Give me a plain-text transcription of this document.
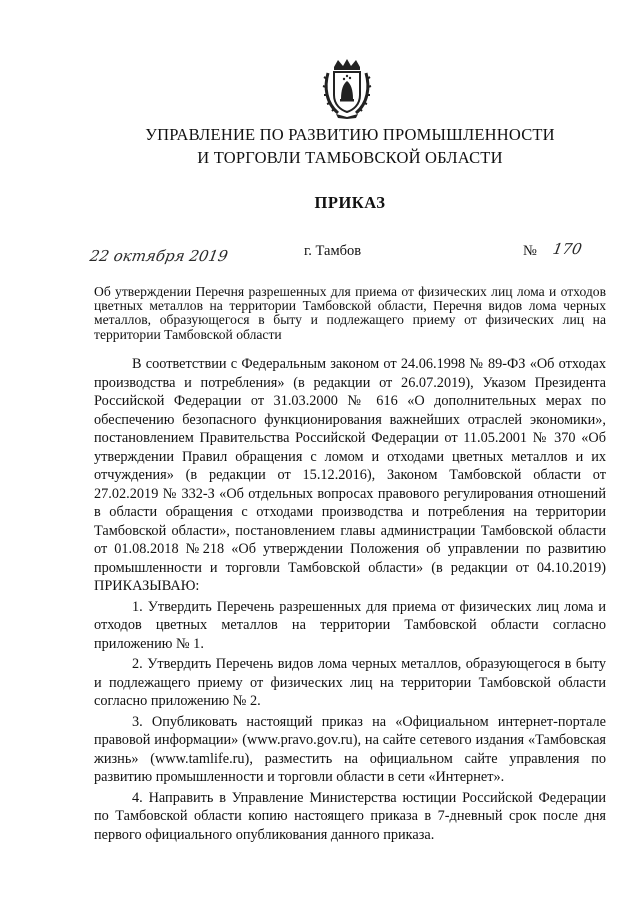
УПРАВЛЕНИЕ ПО РАЗВИТИЮ ПРОМЫШЛЕННОСТИ
И ТОРГОВЛИ ТАМБОВСКОЙ ОБЛАСТИ
ПРИКАЗ
22 октября 2019	г. Тамбов	№ 170
Об утверждении Перечня разрешенных для приема от физических лиц лома и отходов цветных металлов на территории Тамбовской области, Перечня видов лома черных металлов, образующегося в быту и подлежащего приему от физических лиц на территории Тамбовской области

В соответствии с Федеральным законом от 24.06.1998 № 89-ФЗ «Об отходах производства и потребления» (в редакции от 26.07.2019), Указом Президента Российской Федерации от 31.03.2000 № 616 «О дополнительных мерах по обеспечению безопасного функционирования важнейших отраслей экономики», постановлением Правительства Российской Федерации от 11.05.2001 № 370 «Об утверждении Правил обращения с ломом и отходами цветных металлов и их отчуждения» (в редакции от 15.12.2016), Законом Тамбовской области от 27.02.2019 № 332-З «Об отдельных вопросах правового регулирования отношений в области обращения с отходами производства и потребления на территории Тамбовской области», постановлением главы администрации Тамбовской области от 01.08.2018 №218 «Об утверждении Положения об управлении по развитию промышленности и торговли Тамбовской области» (в редакции от 04.10.2019) ПРИКАЗЫВАЮ:

1. Утвердить Перечень разрешенных для приема от физических лиц лома и отходов цветных металлов на территории Тамбовской области согласно приложению № 1.

2. Утвердить Перечень видов лома черных металлов, образующегося в быту и подлежащего приему от физических лиц на территории Тамбовской области согласно приложению № 2.

3. Опубликовать настоящий приказ на «Официальном интернет-портале правовой информации» (www.pravo.gov.ru), на сайте сетевого издания «Тамбовская жизнь» (www.tamlife.ru), разместить на официальном сайте управления по развитию промышленности и торговли области в сети «Интернет».

4. Направить в Управление Министерства юстиции Российской Федерации по Тамбовской области копию настоящего приказа в 7-дневный срок после дня первого официального опубликования данного приказа.
